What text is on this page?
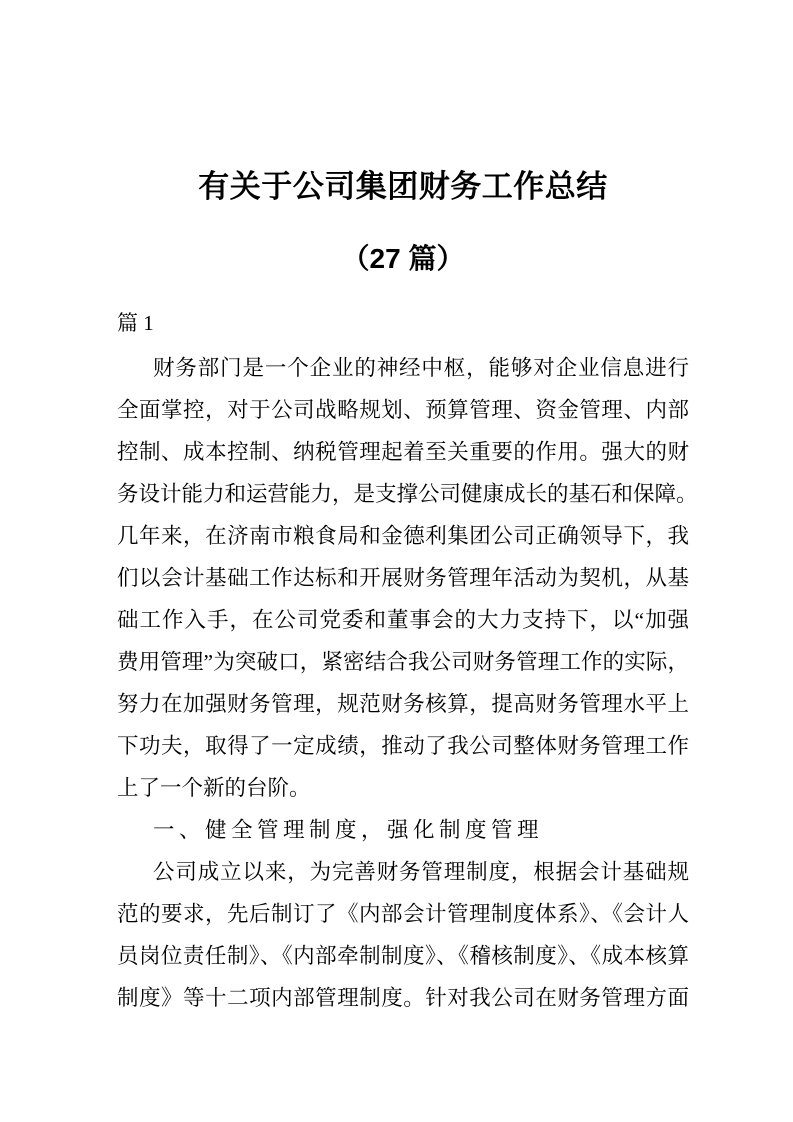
有关于公司集团财务工作总结
（27 篇）
篇 1
财务部门是一个企业的神经中枢，能够对企业信息进行
全面掌控，对于公司战略规划、预算管理、资金管理、内部
控制、成本控制、纳税管理起着至关重要的作用。强大的财
务设计能力和运营能力，是支撑公司健康成长的基石和保障。
几年来，在济南市粮食局和金德利集团公司正确领导下，我
们以会计基础工作达标和开展财务管理年活动为契机，从基
础工作入手，在公司党委和董事会的大力支持下，以“加强
费用管理”为突破口，紧密结合我公司财务管理工作的实际，
努力在加强财务管理，规范财务核算，提高财务管理水平上
下功夫，取得了一定成绩，推动了我公司整体财务管理工作
上了一个新的台阶。
一、健全管理制度，强化制度管理
公司成立以来，为完善财务管理制度，根据会计基础规
范的要求，先后制订了《内部会计管理制度体系》、《会计人
员岗位责任制》、《内部牵制制度》、《稽核制度》、《成本核算
制度》等十二项内部管理制度。针对我公司在财务管理方面
